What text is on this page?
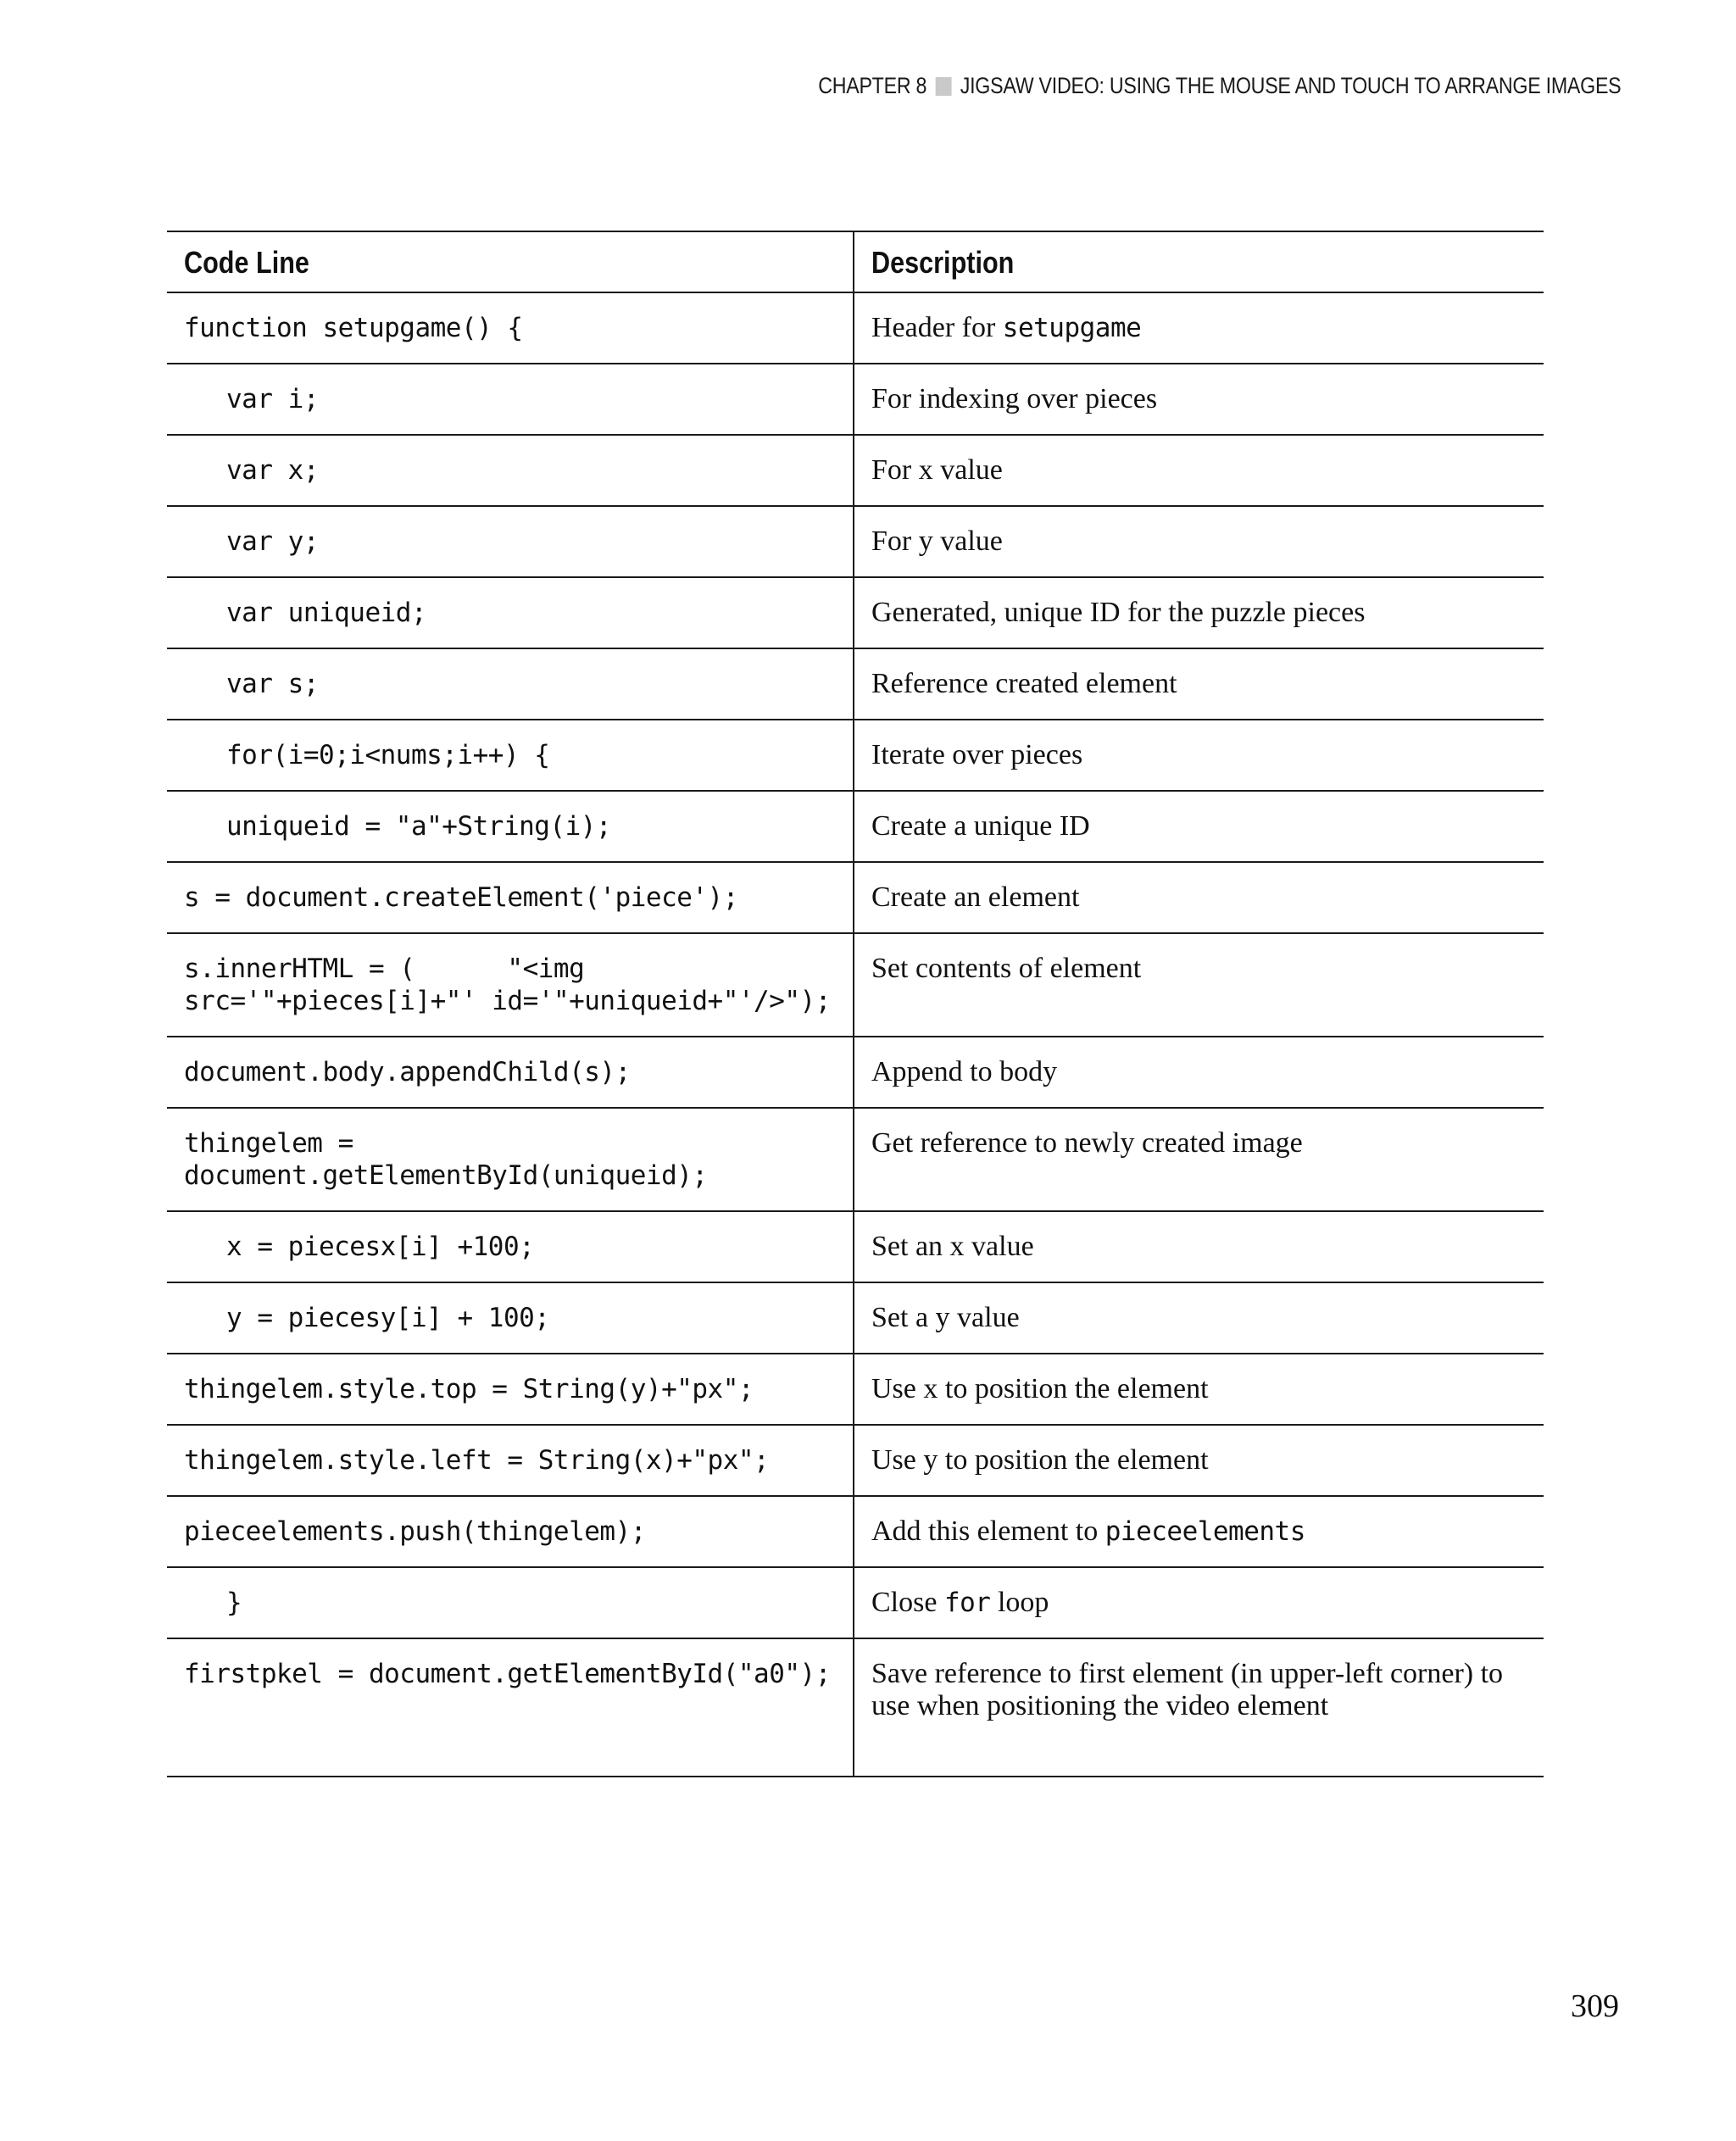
CHAPTER 8 JIGSAW VIDEO: USING THE MOUSE AND TOUCH TO ARRANGE IMAGES
Code Line	Description

function setupgame() {	Header for setupgame

var i;	For indexing over pieces

var x;	For x value

var y;	For y value

var uniqueid;	Generated, unique ID for the puzzle pieces

var s;	Reference created element

for(i=0;i<nums;i++) {	Iterate over pieces

uniqueid = "a"+String(i);	Create a unique ID

s = document.createElement('piece');	Create an element

s.innerHTML = (      "<img
src='"+pieces[i]+"' id='"+uniqueid+"'/>");	Set contents of element

document.body.appendChild(s);	Append to body

thingelem =
document.getElementById(uniqueid);	Get reference to newly created image

x = piecesx[i] +100;	Set an x value

y = piecesy[i] + 100;	Set a y value

thingelem.style.top = String(y)+"px";	Use x to position the element

thingelem.style.left = String(x)+"px";	Use y to position the element

pieceelements.push(thingelem);	Add this element to pieceelements

}	Close for loop

firstpkel = document.getElementById("a0");	Save reference to first element (in upper-left corner) to use when positioning the video element
309
